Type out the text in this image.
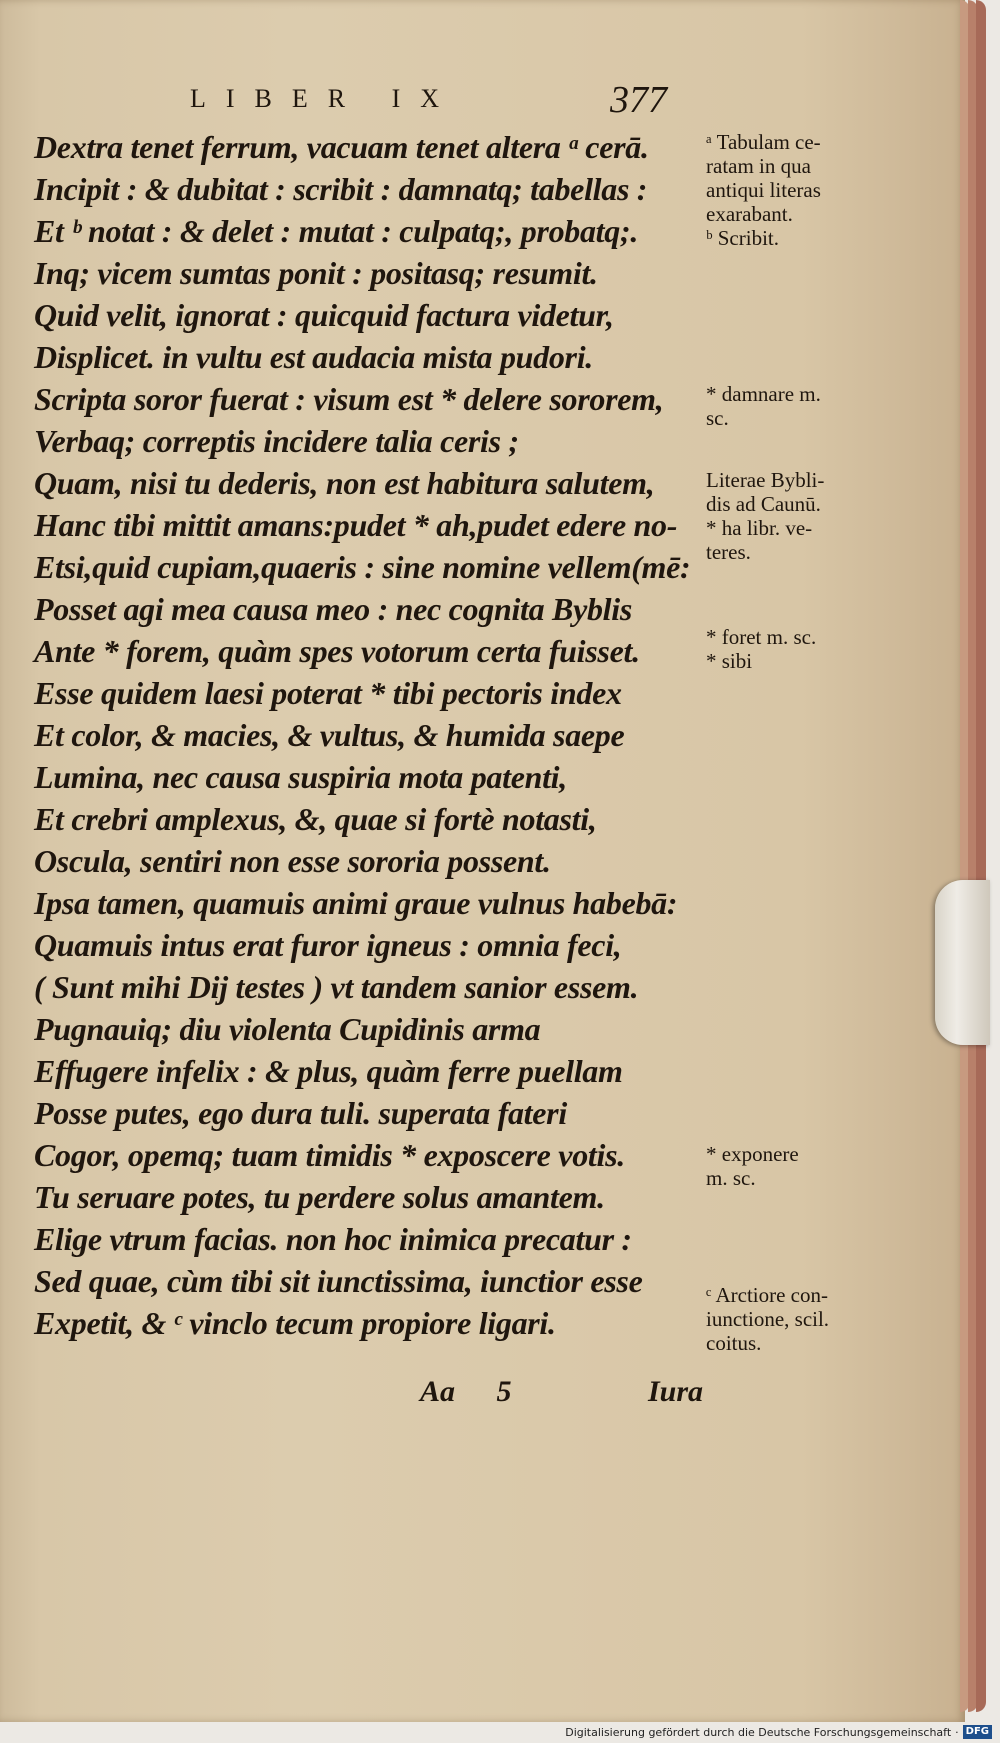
LIBER IX	377
Dextra tenet ferrum, vacuam tenet altera ᵃ cerā.
Incipit : & dubitat : scribit : damnatq; tabellas :
Et ᵇ notat : & delet : mutat : culpatq;, probatq;.
Inq; vicem sumtas ponit : positasq; resumit.
Quid velit, ignorat : quicquid factura videtur,
Displicet. in vultu est audacia mista pudori.
Scripta soror fuerat : visum est * delere sororem,
Verbaq; correptis incidere talia ceris ;
Quam, nisi tu dederis, non est habitura salutem,
Hanc tibi mittit amans:pudet * ah,pudet edere no-
Etsi,quid cupiam,quaeris : sine nomine vellem(mē:
Posset agi mea causa meo : nec cognita Byblis
Ante * forem, quàm spes votorum certa fuisset.
Esse quidem laesi poterat * tibi pectoris index
Et color, & macies, & vultus, & humida saepe
Lumina, nec causa suspiria mota patenti,
Et crebri amplexus, &, quae si fortè notasti,
Oscula, sentiri non esse sororia possent.
Ipsa tamen, quamuis animi graue vulnus habebā:
Quamuis intus erat furor igneus : omnia feci,
( Sunt mihi Dij testes ) vt tandem sanior essem.
Pugnauiq; diu violenta Cupidinis arma
Effugere infelix : & plus, quàm ferre puellam
Posse putes, ego dura tuli. superata fateri
Cogor, opemq; tuam timidis * exposcere votis.
Tu seruare potes, tu perdere solus amantem.
Elige vtrum facias. non hoc inimica precatur :
Sed quae, cùm tibi sit iunctissima, iunctior esse
Expetit, & ᶜ vinclo tecum propiore ligari.
ᵃ Tabulam ce-
ratam in qua
antiqui literas
exarabant.
ᵇ Scribit.
* damnare m.
sc.
Literae Bybli-
dis ad Caunū.
* ha libr. ve-
teres.
* foret m. sc.
* sibi
* exponere
m. sc.
ᶜ Arctiore con-
iunctione, scil.
coitus.
Aa 5	Iura
Digitalisierung gefördert durch die Deutsche Forschungsgemeinschaft · DFG
